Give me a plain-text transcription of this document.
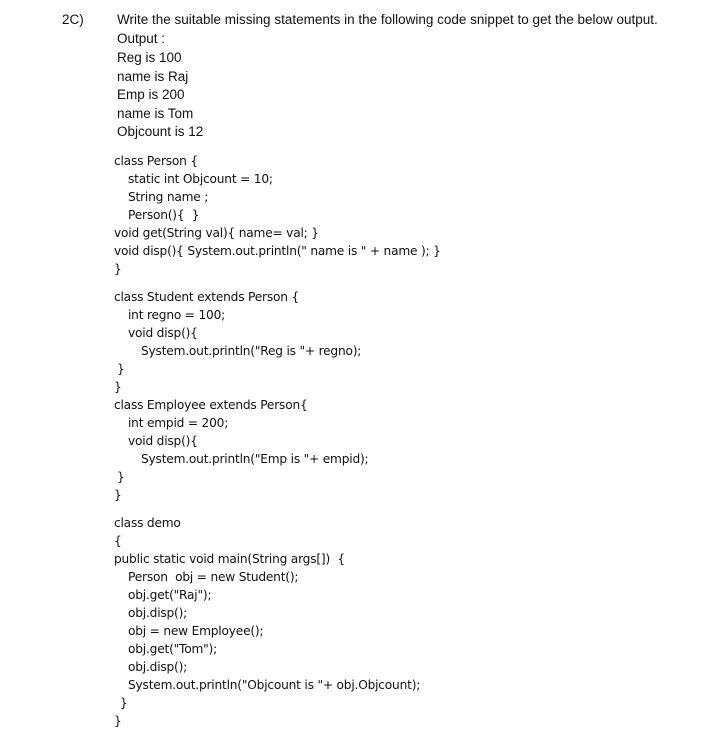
2C) Write the suitable missing statements in the following code snippet to get the below output.
Output :
Reg is 100
name is Raj
Emp is 200
name is Tom
Objcount is 12
class Person {
static int Objcount = 10;
String name ;
Person(){  }
void get(String val){ name= val; }
void disp(){ System.out.println(" name is " + name ); }
}
class Student extends Person {
int regno = 100;
void disp(){
System.out.println("Reg is "+ regno);
}
}
class Employee extends Person{
int empid = 200;
void disp(){
System.out.println("Emp is "+ empid);
}
}
class demo
{
public static void main(String args[])  {
Person  obj = new Student();
obj.get("Raj");
obj.disp();
obj = new Employee();
obj.get("Tom");
obj.disp();
System.out.println("Objcount is "+ obj.Objcount);
}
}
